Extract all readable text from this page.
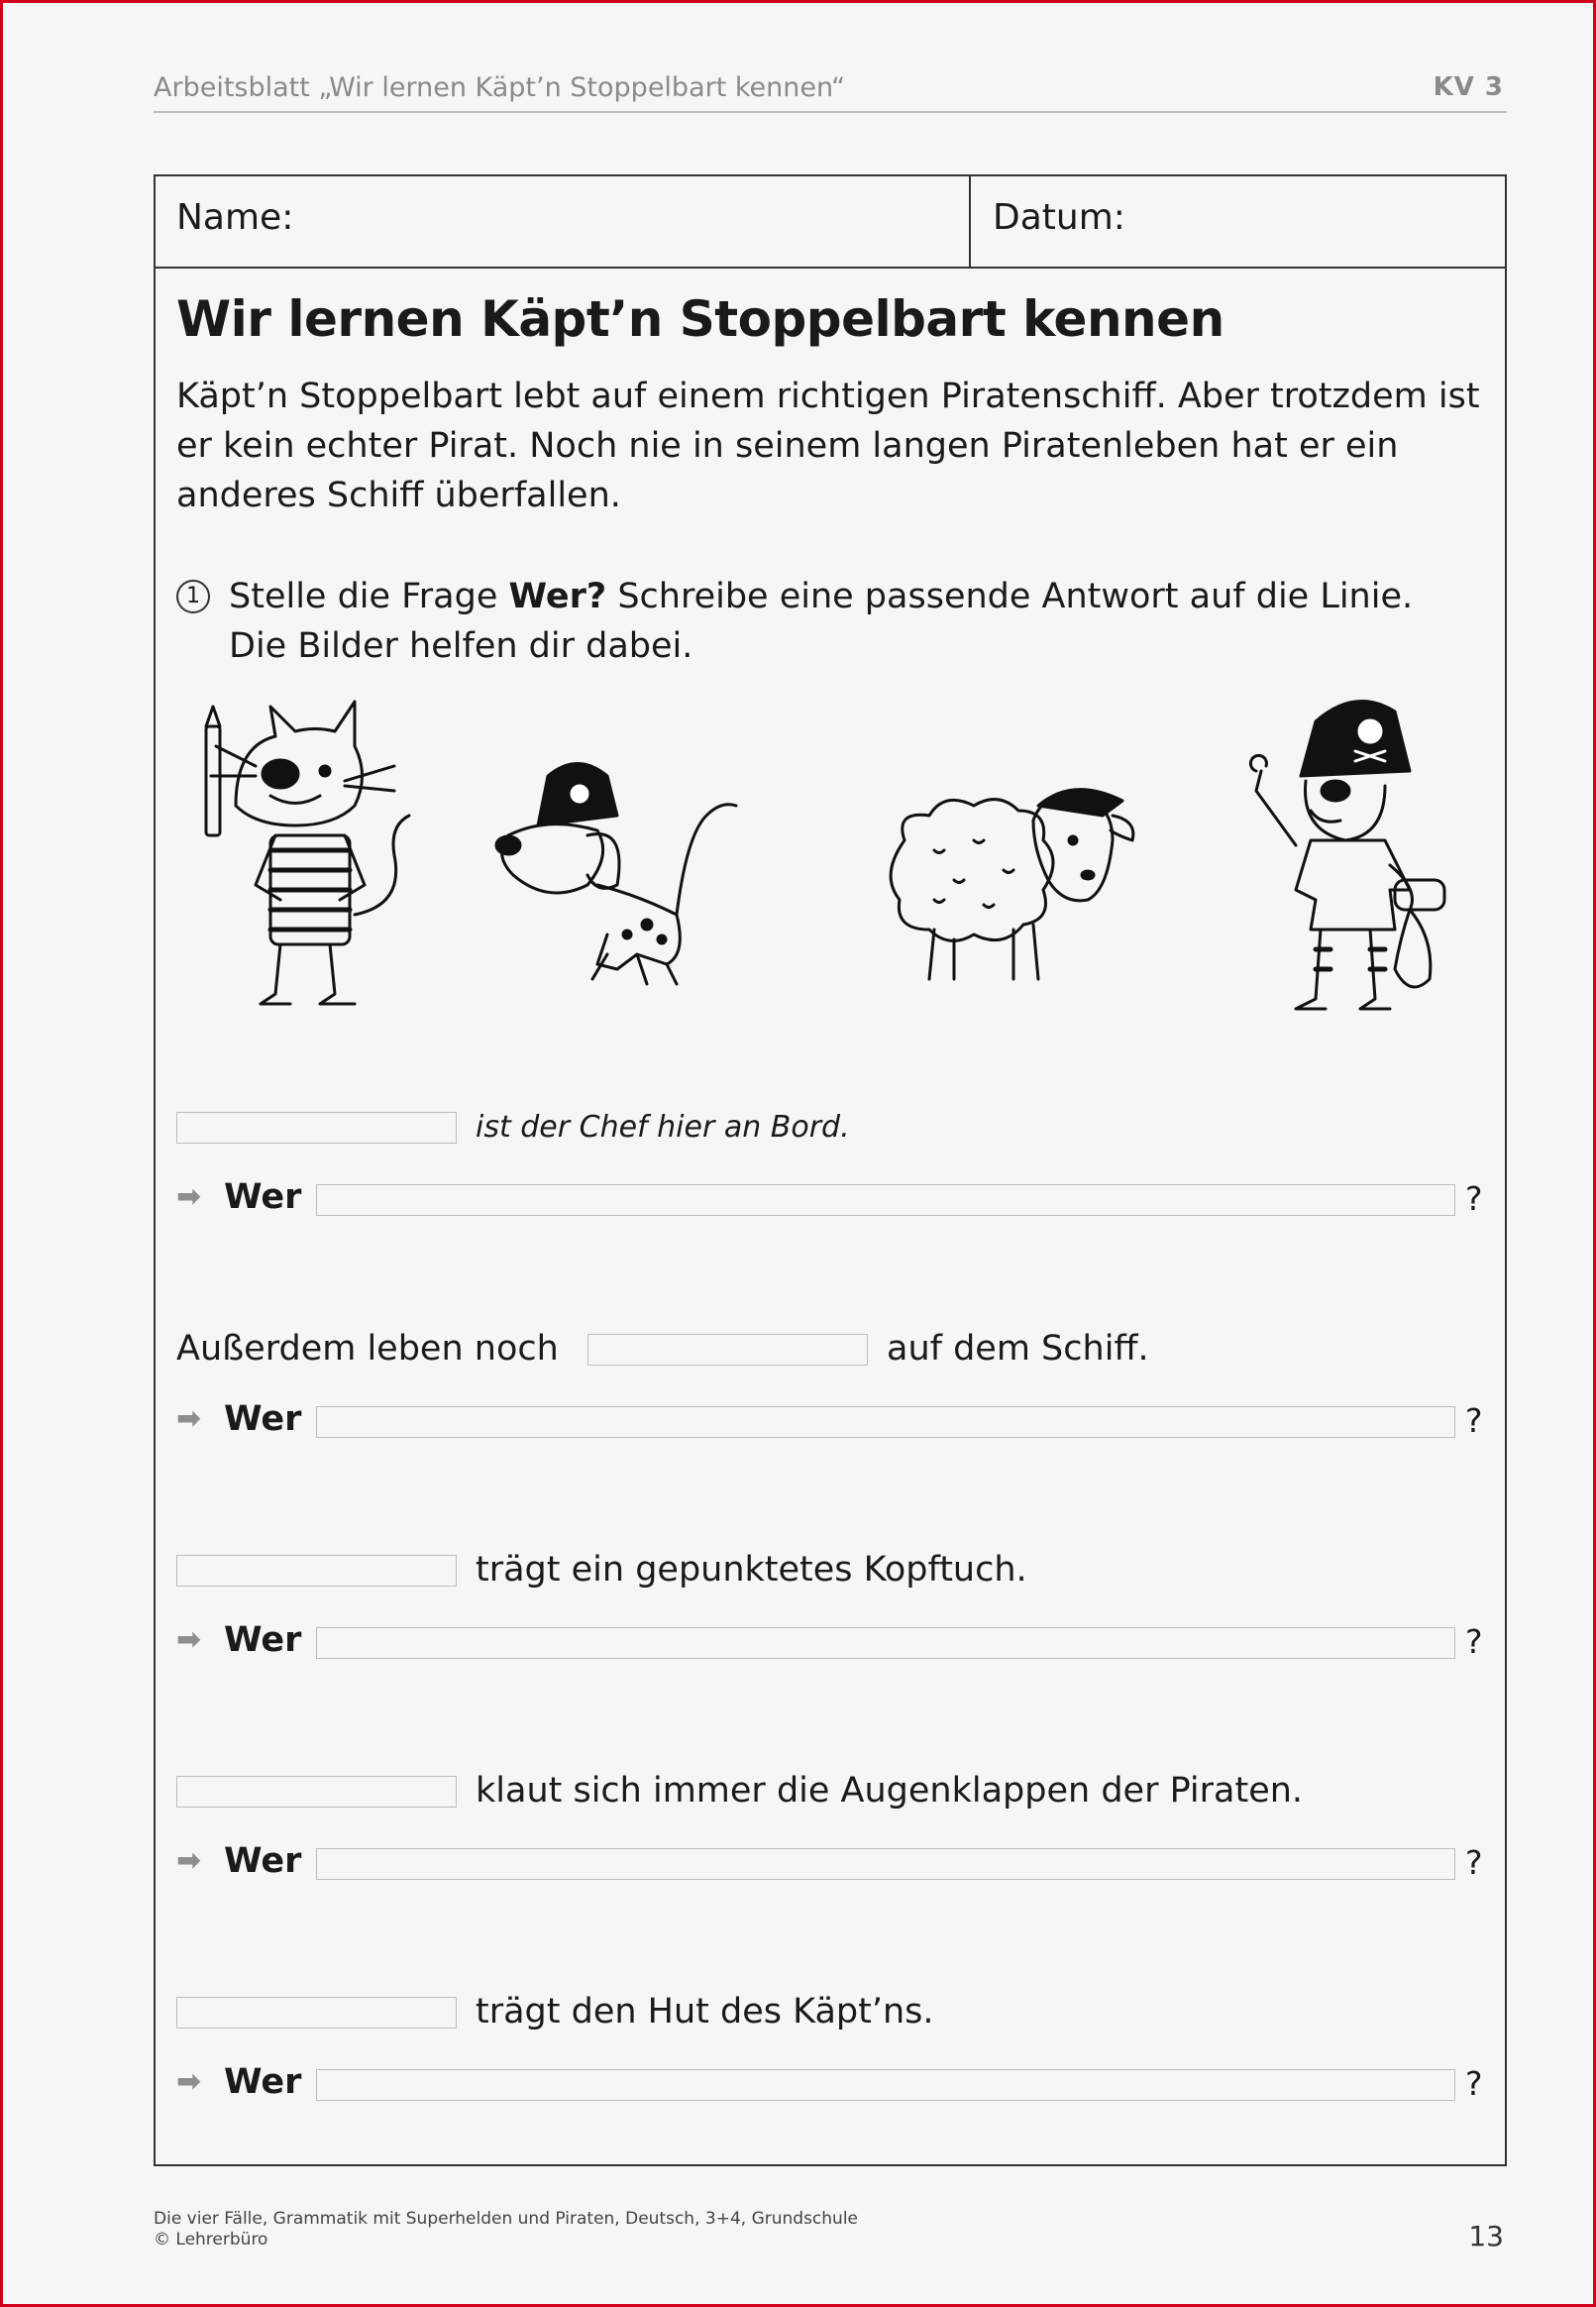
Arbeitsblatt „Wir lernen Käpt’n Stoppelbart kennen“	KV 3
Name:	Datum:
Wir lernen Käpt’n Stoppelbart kennen
Käpt’n Stoppelbart lebt auf einem richtigen Piratenschiff. Aber trotzdem ist er kein echter Pirat. Noch nie in seinem langen Piratenleben hat er ein anderes Schiff überfallen.
1 Stelle die Frage Wer? Schreibe eine passende Antwort auf die Linie.
Die Bilder helfen dir dabei.
ist der Chef hier an Bord.
➡ Wer	?
Außerdem leben noch	auf dem Schiff.
➡ Wer	?
trägt ein gepunktetes Kopftuch.
➡ Wer	?
klaut sich immer die Augenklappen der Piraten.
➡ Wer	?
trägt den Hut des Käpt’ns.
➡ Wer	?
Die vier Fälle, Grammatik mit Superhelden und Piraten, Deutsch, 3+4, Grundschule
© Lehrerbüro	13
